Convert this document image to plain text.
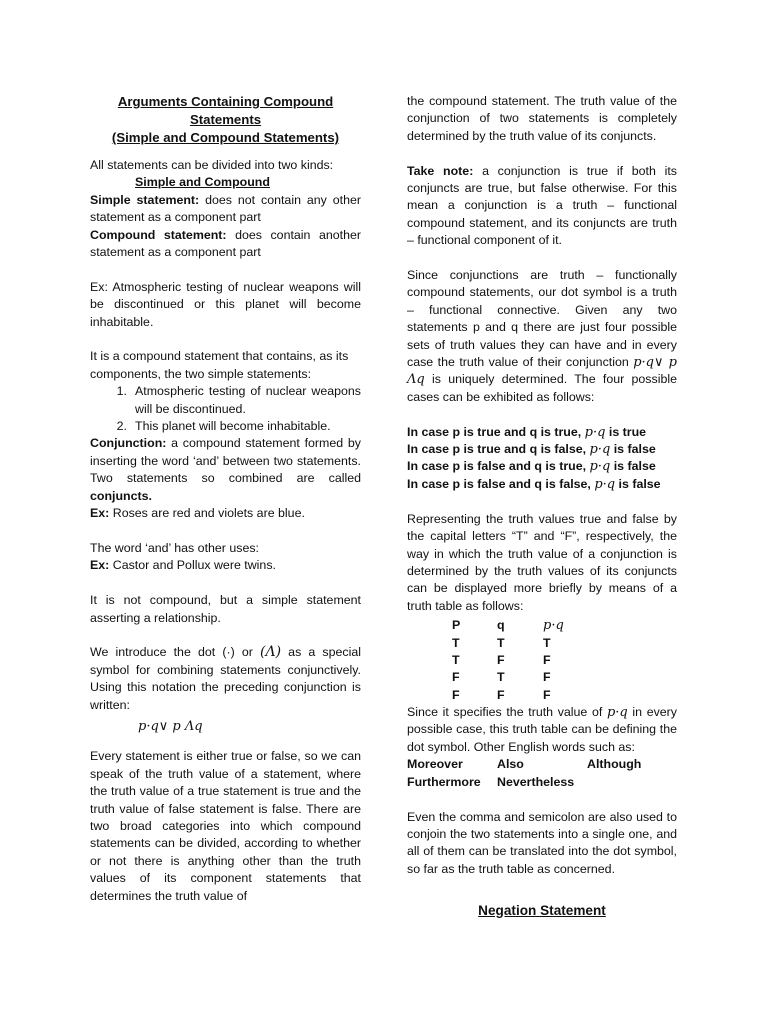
Arguments Containing Compound
Statements
(Simple and Compound Statements)

All statements can be divided into two kinds:

Simple and Compound

Simple statement: does not contain any other statement as a component part

Compound statement: does contain another statement as a component part

Ex: Atmospheric testing of nuclear weapons will be discontinued or this planet will become inhabitable.

It is a compound statement that contains, as its components, the two simple statements:

1. Atmospheric testing of nuclear weapons will be discontinued.
2. This planet will become inhabitable.

Conjunction: a compound statement formed by inserting the word ‘and’ between two statements. Two statements so combined are called conjuncts.

Ex: Roses are red and violets are blue.

The word ‘and’ has other uses:

Ex: Castor and Pollux were twins.

It is not compound, but a simple statement asserting a relationship.

We introduce the dot (·) or (Λ) as a special symbol for combining statements conjunctively. Using this notation the preceding conjunction is written:

p·q∨ p Λq

Every statement is either true or false, so we can speak of the truth value of a statement, where the truth value of a true statement is true and the truth value of false statement is false. There are two broad categories into which compound statements can be divided, according to whether or not there is anything other than the truth values of its component statements that determines the truth value of

the compound statement. The truth value of the conjunction of two statements is completely determined by the truth value of its conjuncts.

Take note: a conjunction is true if both its conjuncts are true, but false otherwise. For this mean a conjunction is a truth – functional compound statement, and its conjuncts are truth – functional component of it.

Since conjunctions are truth – functionally compound statements, our dot symbol is a truth – functional connective. Given any two statements p and q there are just four possible sets of truth values they can have and in every case the truth value of their conjunction p·q∨ p Λq is uniquely determined. The four possible cases can be exhibited as follows:

In case p is true and q is true, p·q is true

In case p is true and q is false, p·q is false

In case p is false and q is true, p·q is false

In case p is false and q is false, p·q is false

Representing the truth values true and false by the capital letters “T” and “F”, respectively, the way in which the truth value of a conjunction is determined by the truth values of its conjuncts can be displayed more briefly by means of a truth table as follows:

P	q	p·q
T	T	T
T	F	F
F	T	F
F	F	F

Since it specifies the truth value of p·q in every possible case, this truth table can be defining the dot symbol. Other English words such as:

Moreover	Also	Although
Furthermore	Nevertheless

Even the comma and semicolon are also used to conjoin the two statements into a single one, and all of them can be translated into the dot symbol, so far as the truth table as concerned.

Negation Statement
